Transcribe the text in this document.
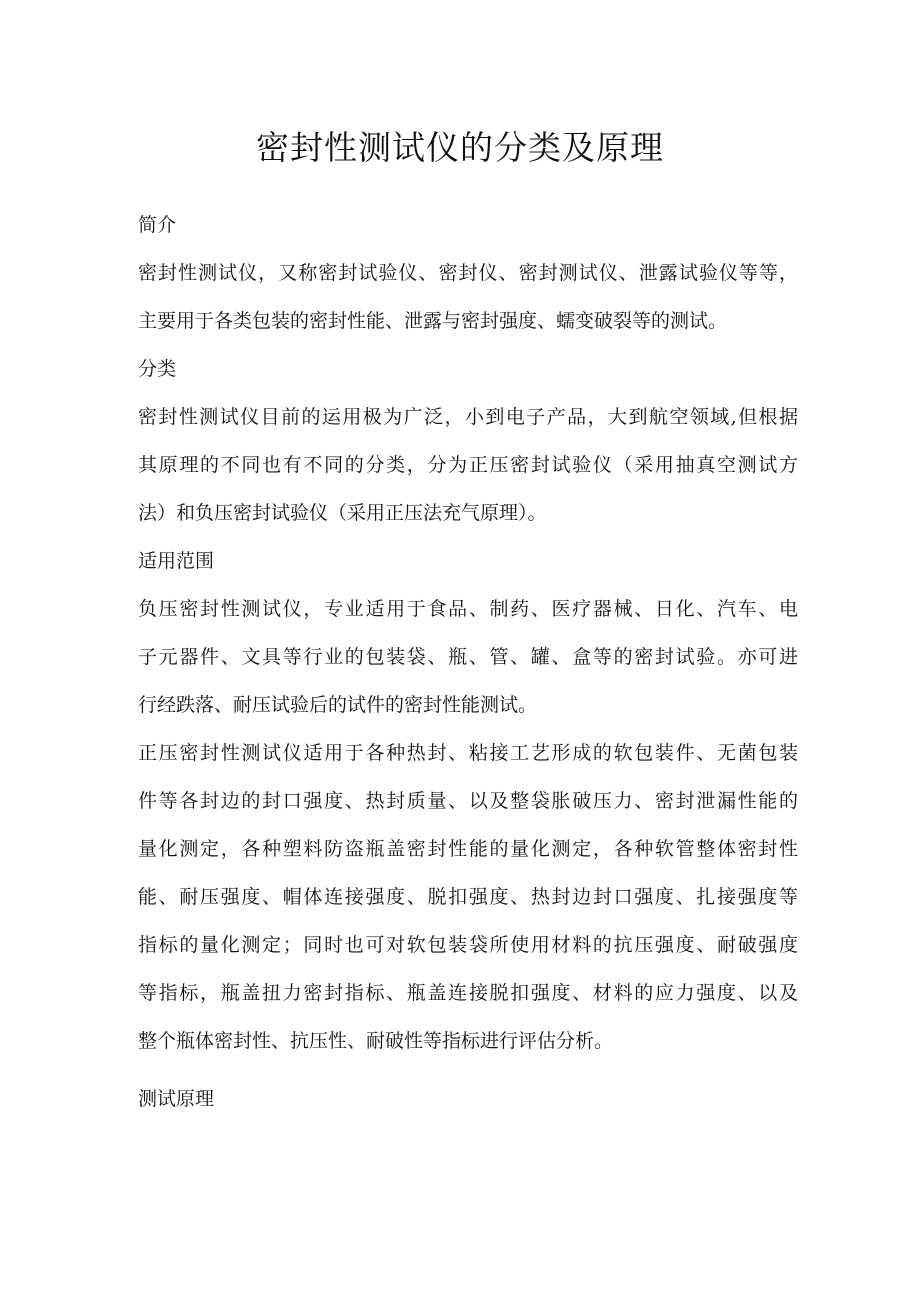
密封性测试仪的分类及原理
简介

密封性测试仪，又称密封试验仪、密封仪、密封测试仪、泄露试验仪等等，
主要用于各类包装的密封性能、泄露与密封强度、蠕变破裂等的测试。

分类

密封性测试仪目前的运用极为广泛，小到电子产品，大到航空领域,但根据
其原理的不同也有不同的分类，分为正压密封试验仪（采用抽真空测试方
法）和负压密封试验仪（采用正压法充气原理）。

适用范围

负压密封性测试仪，专业适用于食品、制药、医疗器械、日化、汽车、电
子元器件、文具等行业的包装袋、瓶、管、罐、盒等的密封试验。亦可进
行经跌落、耐压试验后的试件的密封性能测试。

正压密封性测试仪适用于各种热封、粘接工艺形成的软包装件、无菌包装
件等各封边的封口强度、热封质量、以及整袋胀破压力、密封泄漏性能的
量化测定，各种塑料防盗瓶盖密封性能的量化测定，各种软管整体密封性
能、耐压强度、帽体连接强度、脱扣强度、热封边封口强度、扎接强度等
指标的量化测定；同时也可对软包装袋所使用材料的抗压强度、耐破强度
等指标，瓶盖扭力密封指标、瓶盖连接脱扣强度、材料的应力强度、以及
整个瓶体密封性、抗压性、耐破性等指标进行评估分析。

测试原理
